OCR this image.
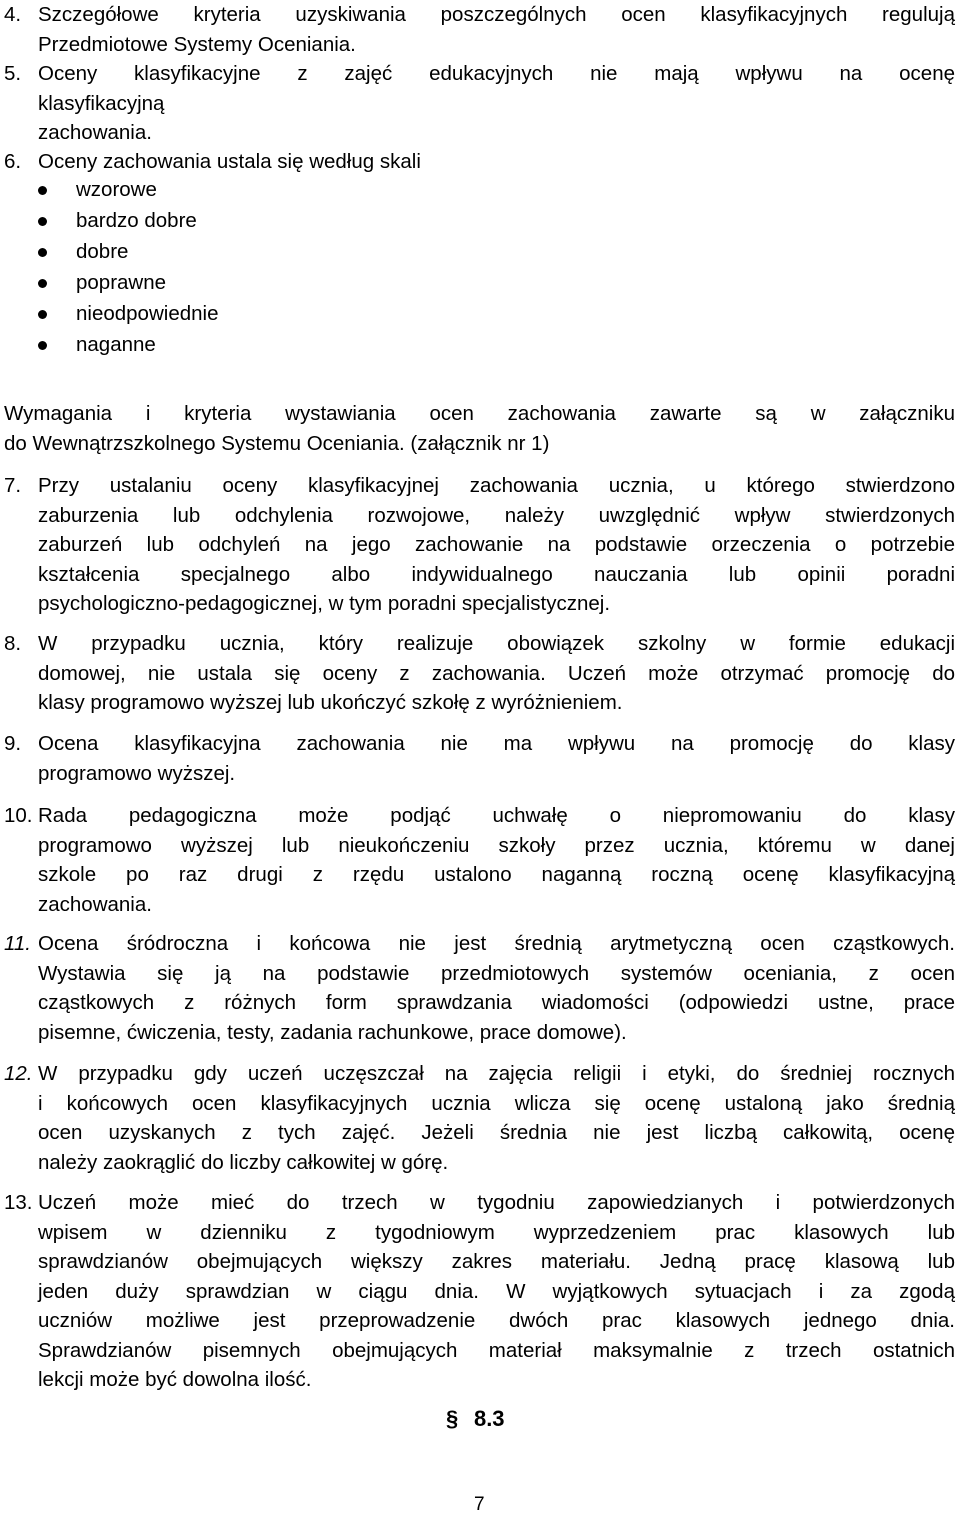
4. Szczegółowe kryteria uzyskiwania poszczególnych ocen klasyfikacyjnych regulują
Przedmiotowe Systemy Oceniania.
5. Oceny klasyfikacyjne z zajęć edukacyjnych nie mają wpływu na ocenę
klasyfikacyjną
zachowania.
6. Oceny zachowania ustala się według skali
wzorowe
bardzo dobre
dobre
poprawne
nieodpowiednie
naganne
Wymagania i kryteria wystawiania ocen zachowania zawarte są w załączniku
do Wewnątrzszkolnego Systemu Oceniania. (załącznik nr 1)
7. Przy ustalaniu oceny klasyfikacyjnej zachowania ucznia, u którego stwierdzono
zaburzenia lub odchylenia rozwojowe, należy uwzględnić wpływ stwierdzonych
zaburzeń lub odchyleń na jego zachowanie na podstawie orzeczenia o potrzebie
kształcenia specjalnego albo indywidualnego nauczania lub opinii poradni
psychologiczno-pedagogicznej, w tym poradni specjalistycznej.
8. W przypadku ucznia, który realizuje obowiązek szkolny w formie edukacji
domowej, nie ustala się oceny z zachowania. Uczeń może otrzymać promocję do
klasy programowo wyższej lub ukończyć szkołę z wyróżnieniem.
9. Ocena klasyfikacyjna zachowania nie ma wpływu na promocję do klasy
programowo wyższej.
10. Rada pedagogiczna może podjąć uchwałę o niepromowaniu do klasy
programowo wyższej lub nieukończeniu szkoły przez ucznia, któremu w danej
szkole po raz drugi z rzędu ustalono naganną roczną ocenę klasyfikacyjną
zachowania.
11. Ocena śródroczna i końcowa nie jest średnią arytmetyczną ocen cząstkowych.
Wystawia się ją na podstawie przedmiotowych systemów oceniania, z ocen
cząstkowych z różnych form sprawdzania wiadomości (odpowiedzi ustne, prace
pisemne, ćwiczenia, testy, zadania rachunkowe, prace domowe).
12. W przypadku gdy uczeń uczęszczał na zajęcia religii i etyki, do średniej rocznych
i końcowych ocen klasyfikacyjnych ucznia wlicza się ocenę ustaloną jako średnią
ocen uzyskanych z tych zajęć. Jeżeli średnia nie jest liczbą całkowitą, ocenę
należy zaokrąglić do liczby całkowitej w górę.
13. Uczeń może mieć do trzech w tygodniu zapowiedzianych i potwierdzonych
wpisem w dzienniku z tygodniowym wyprzedzeniem prac klasowych lub
sprawdzianów obejmujących większy zakres materiału. Jedną pracę klasową lub
jeden duży sprawdzian w ciągu dnia. W wyjątkowych sytuacjach i za zgodą
uczniów możliwe jest przeprowadzenie dwóch prac klasowych jednego dnia.
Sprawdzianów pisemnych obejmujących materiał maksymalnie z trzech ostatnich
lekcji może być dowolna ilość.
§ 8.3
7
